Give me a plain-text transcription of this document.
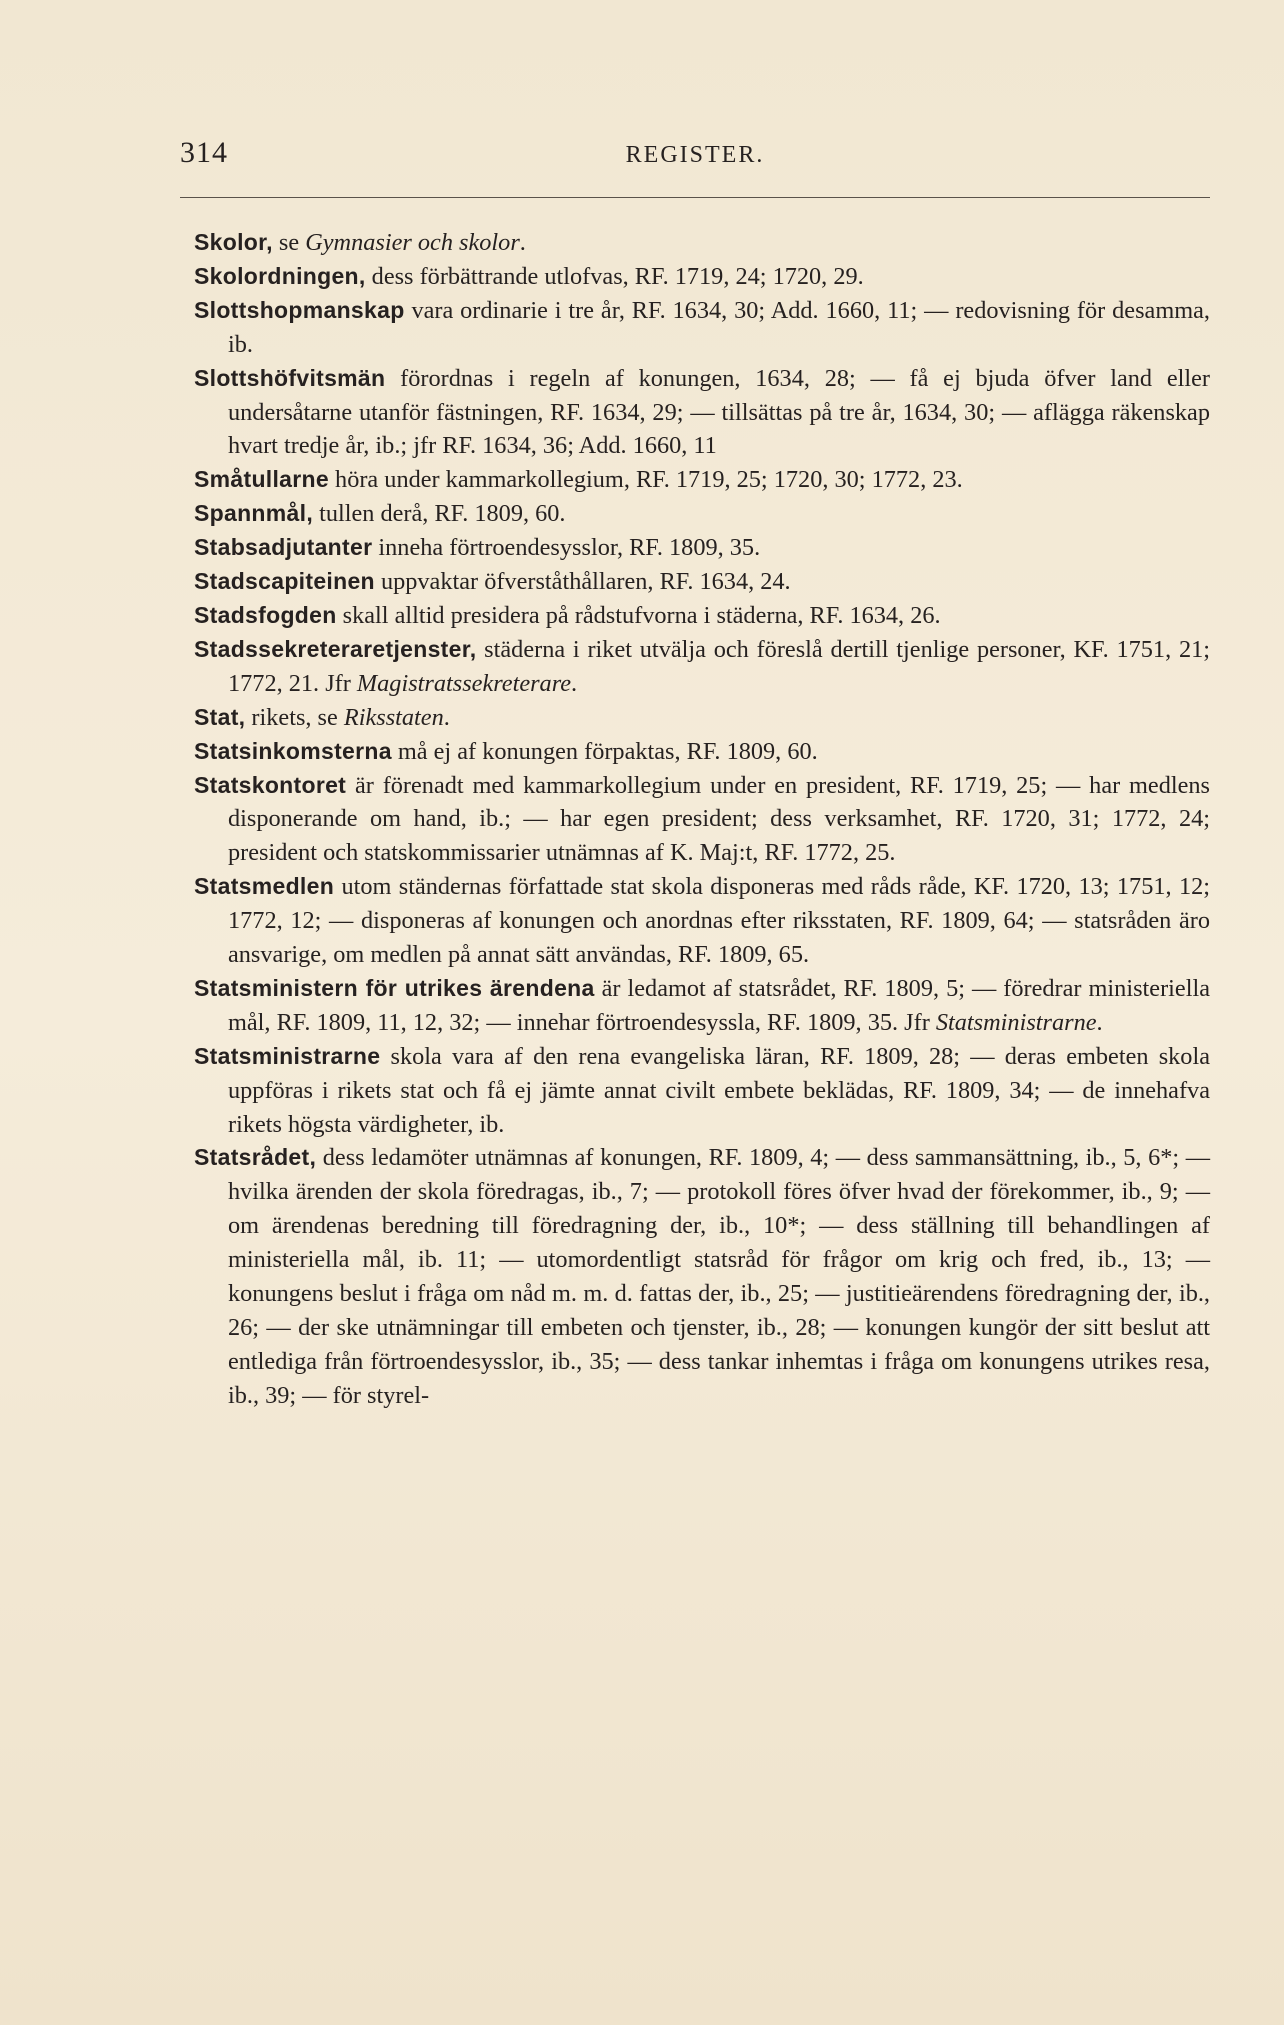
314	REGISTER.

Skolor, se Gymnasier och skolor.

Skolordningen, dess förbättrande utlofvas, RF. 1719, 24; 1720, 29.

Slottshopmanskap vara ordinarie i tre år, RF. 1634, 30; Add. 1660, 11; — redovisning för desamma, ib.

Slottshöfvitsmän förordnas i regeln af konungen, 1634, 28; — få ej bjuda öfver land eller undersåtarne utanför fästningen, RF. 1634, 29; — tillsättas på tre år, 1634, 30; — aflägga räkenskap hvart tredje år, ib.; jfr RF. 1634, 36; Add. 1660, 11

Småtullarne höra under kammarkollegium, RF. 1719, 25; 1720, 30; 1772, 23.

Spannmål, tullen derå, RF. 1809, 60.

Stabsadjutanter inneha förtroendesysslor, RF. 1809, 35.

Stadscapiteinen uppvaktar öfverståthållaren, RF. 1634, 24.

Stadsfogden skall alltid presidera på rådstufvorna i städerna, RF. 1634, 26.

Stadssekreteraretjenster, städerna i riket utvälja och föreslå dertill tjenlige personer, KF. 1751, 21; 1772, 21. Jfr Magistratssekreterare.

Stat, rikets, se Riksstaten.

Statsinkomsterna må ej af konungen förpaktas, RF. 1809, 60.

Statskontoret är förenadt med kammarkollegium under en president, RF. 1719, 25; — har medlens disponerande om hand, ib.; — har egen president; dess verksamhet, RF. 1720, 31; 1772, 24; president och statskommissarier utnämnas af K. Maj:t, RF. 1772, 25.

Statsmedlen utom ständernas författade stat skola disponeras med råds råde, KF. 1720, 13; 1751, 12; 1772, 12; — disponeras af konungen och anordnas efter riksstaten, RF. 1809, 64; — statsråden äro ansvarige, om medlen på annat sätt användas, RF. 1809, 65.

Statsministern för utrikes ärendena är ledamot af statsrådet, RF. 1809, 5; — föredrar ministeriella mål, RF. 1809, 11, 12, 32; — innehar förtroendesyssla, RF. 1809, 35. Jfr Statsministrarne.

Statsministrarne skola vara af den rena evangeliska läran, RF. 1809, 28; — deras embeten skola uppföras i rikets stat och få ej jämte annat civilt embete beklädas, RF. 1809, 34; — de innehafva rikets högsta värdigheter, ib.

Statsrådet, dess ledamöter utnämnas af konungen, RF. 1809, 4; — dess sammansättning, ib., 5, 6*; — hvilka ärenden der skola föredragas, ib., 7; — protokoll föres öfver hvad der förekommer, ib., 9; — om ärendenas beredning till föredragning der, ib., 10*; — dess ställning till behandlingen af ministeriella mål, ib. 11; — utomordentligt statsråd för frågor om krig och fred, ib., 13; — konungens beslut i fråga om nåd m. m. d. fattas der, ib., 25; — justitieärendens föredragning der, ib., 26; — der ske utnämningar till embeten och tjenster, ib., 28; — konungen kungör der sitt beslut att entlediga från förtroendesysslor, ib., 35; — dess tankar inhemtas i fråga om konungens utrikes resa, ib., 39; — för styrel-
